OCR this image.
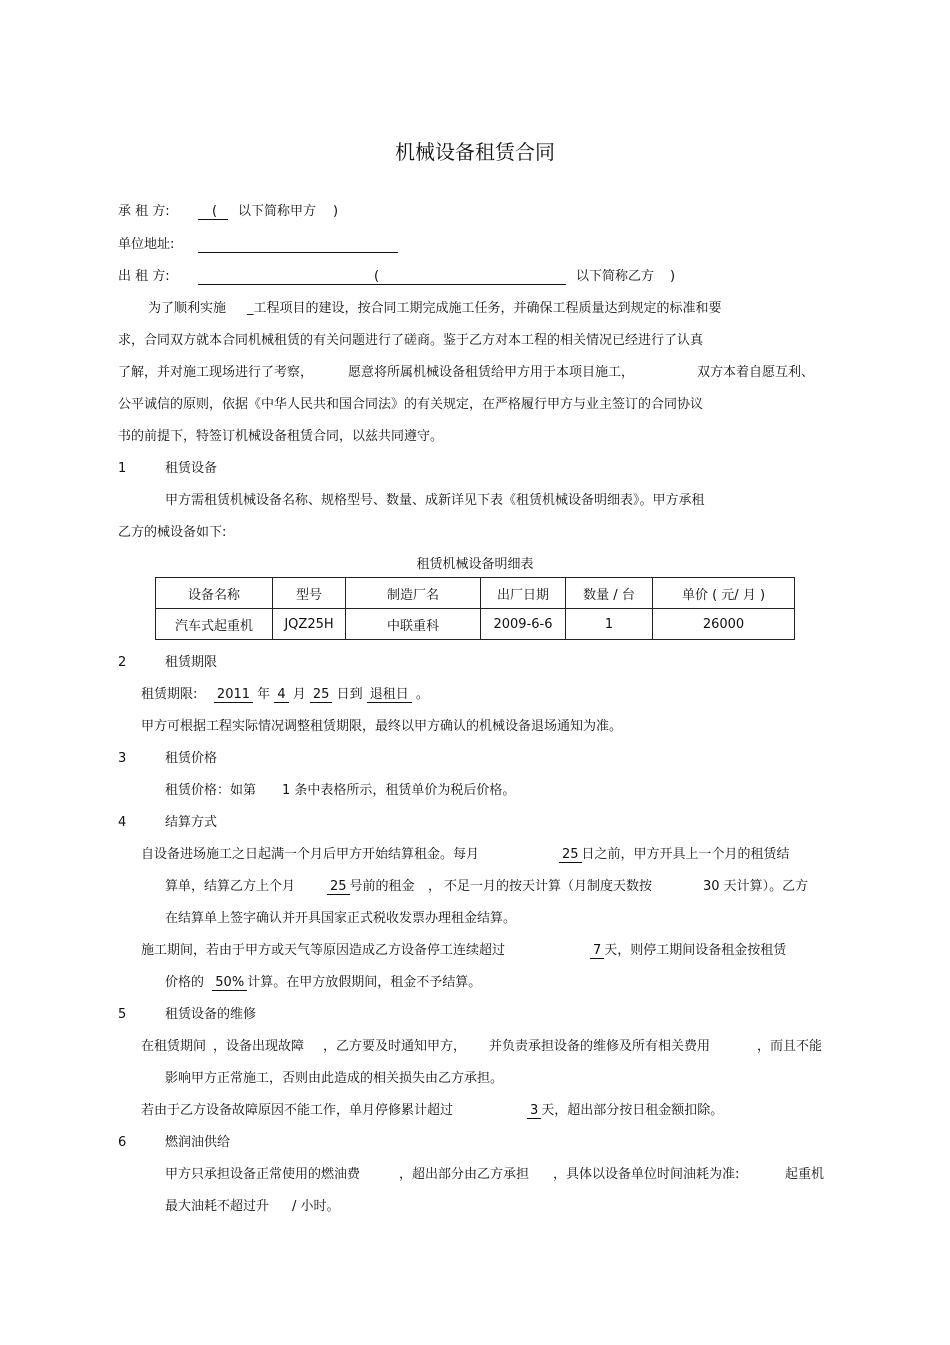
机械设备租赁合同
承 租 方:	( 以下简称甲方 )
单位地址:
出 租 方:	(	以下简称乙方 )
为了顺利实施 _工程项目的建设，按合同工期完成施工任务，并确保工程质量达到规定的标准和要
求，合同双方就本合同机械租赁的有关问题进行了磋商。鉴于乙方对本工程的相关情况已经进行了认真
了解，并对施工现场进行了考察，	愿意将所属机械设备租赁给甲方用于本项目施工，	双方本着自愿互利、
公平诚信的原则，依据《中华人民共和国合同法》的有关规定，在严格履行甲方与业主签订的合同协议
书的前提下，特签订机械设备租赁合同，以兹共同遵守。
1	租赁设备
甲方需租赁机械设备名称、规格型号、数量、成新详见下表《租赁机械设备明细表》。甲方承租
乙方的械设备如下:
租赁机械设备明细表
设备名称	型号	制造厂名	出厂日期	数量 / 台	单价 ( 元/ 月 )
汽车式起重机	JQZ25H	中联重科	2009-6-6	1	26000
2	租赁期限
租赁期限: 2011 年 4 月 25 日到 退租日 。
甲方可根据工程实际情况调整租赁期限，最终以甲方确认的机械设备退场通知为准。
3	租赁价格
租赁价格：如第 1 条中表格所示，租赁单价为税后价格。
4	结算方式
自设备进场施工之日起满一个月后甲方开始结算租金。每月	25 日之前，甲方开具上一个月的租赁结
算单，结算乙方上个月	25 号前的租金 ， 不足一月的按天计算（月制度天数按	30 天计算）。乙方
在结算单上签字确认并开具国家正式税收发票办理租金结算。
施工期间，若由于甲方或天气等原因造成乙方设备停工连续超过	7 天，则停工期间设备租金按租赁
价格的 50% 计算。在甲方放假期间，租金不予结算。
5	租赁设备的维修
在租赁期间 ，设备出现故障 ，乙方要及时通知甲方， 并负责承担设备的维修及所有相关费用	，而且不能
影响甲方正常施工，否则由此造成的相关损失由乙方承担。
若由于乙方设备故障原因不能工作，单月停修累计超过	3 天，超出部分按日租金额扣除。
6	燃润油供给
甲方只承担设备正常使用的燃油费	，超出部分由乙方承担 ，具体以设备单位时间油耗为准:	起重机
最大油耗不超过升 / 小时。
